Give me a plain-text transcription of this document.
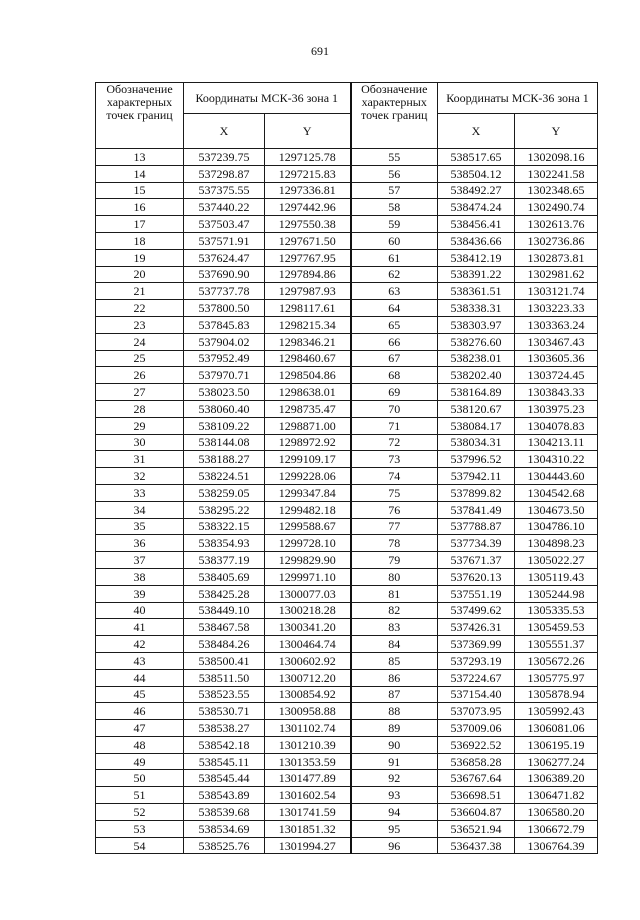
691
Обозначение характерных точек границ	Координаты МСК-36 зона 1		Обозначение характерных точек границ	Координаты МСК-36 зона 1	
	X	Y		X	Y
13	537239.75	1297125.78	55	538517.65	1302098.16
14	537298.87	1297215.83	56	538504.12	1302241.58
15	537375.55	1297336.81	57	538492.27	1302348.65
16	537440.22	1297442.96	58	538474.24	1302490.74
17	537503.47	1297550.38	59	538456.41	1302613.76
18	537571.91	1297671.50	60	538436.66	1302736.86
19	537624.47	1297767.95	61	538412.19	1302873.81
20	537690.90	1297894.86	62	538391.22	1302981.62
21	537737.78	1297987.93	63	538361.51	1303121.74
22	537800.50	1298117.61	64	538338.31	1303223.33
23	537845.83	1298215.34	65	538303.97	1303363.24
24	537904.02	1298346.21	66	538276.60	1303467.43
25	537952.49	1298460.67	67	538238.01	1303605.36
26	537970.71	1298504.86	68	538202.40	1303724.45
27	538023.50	1298638.01	69	538164.89	1303843.33
28	538060.40	1298735.47	70	538120.67	1303975.23
29	538109.22	1298871.00	71	538084.17	1304078.83
30	538144.08	1298972.92	72	538034.31	1304213.11
31	538188.27	1299109.17	73	537996.52	1304310.22
32	538224.51	1299228.06	74	537942.11	1304443.60
33	538259.05	1299347.84	75	537899.82	1304542.68
34	538295.22	1299482.18	76	537841.49	1304673.50
35	538322.15	1299588.67	77	537788.87	1304786.10
36	538354.93	1299728.10	78	537734.39	1304898.23
37	538377.19	1299829.90	79	537671.37	1305022.27
38	538405.69	1299971.10	80	537620.13	1305119.43
39	538425.28	1300077.03	81	537551.19	1305244.98
40	538449.10	1300218.28	82	537499.62	1305335.53
41	538467.58	1300341.20	83	537426.31	1305459.53
42	538484.26	1300464.74	84	537369.99	1305551.37
43	538500.41	1300602.92	85	537293.19	1305672.26
44	538511.50	1300712.20	86	537224.67	1305775.97
45	538523.55	1300854.92	87	537154.40	1305878.94
46	538530.71	1300958.88	88	537073.95	1305992.43
47	538538.27	1301102.74	89	537009.06	1306081.06
48	538542.18	1301210.39	90	536922.52	1306195.19
49	538545.11	1301353.59	91	536858.28	1306277.24
50	538545.44	1301477.89	92	536767.64	1306389.20
51	538543.89	1301602.54	93	536698.51	1306471.82
52	538539.68	1301741.59	94	536604.87	1306580.20
53	538534.69	1301851.32	95	536521.94	1306672.79
54	538525.76	1301994.27	96	536437.38	1306764.39
